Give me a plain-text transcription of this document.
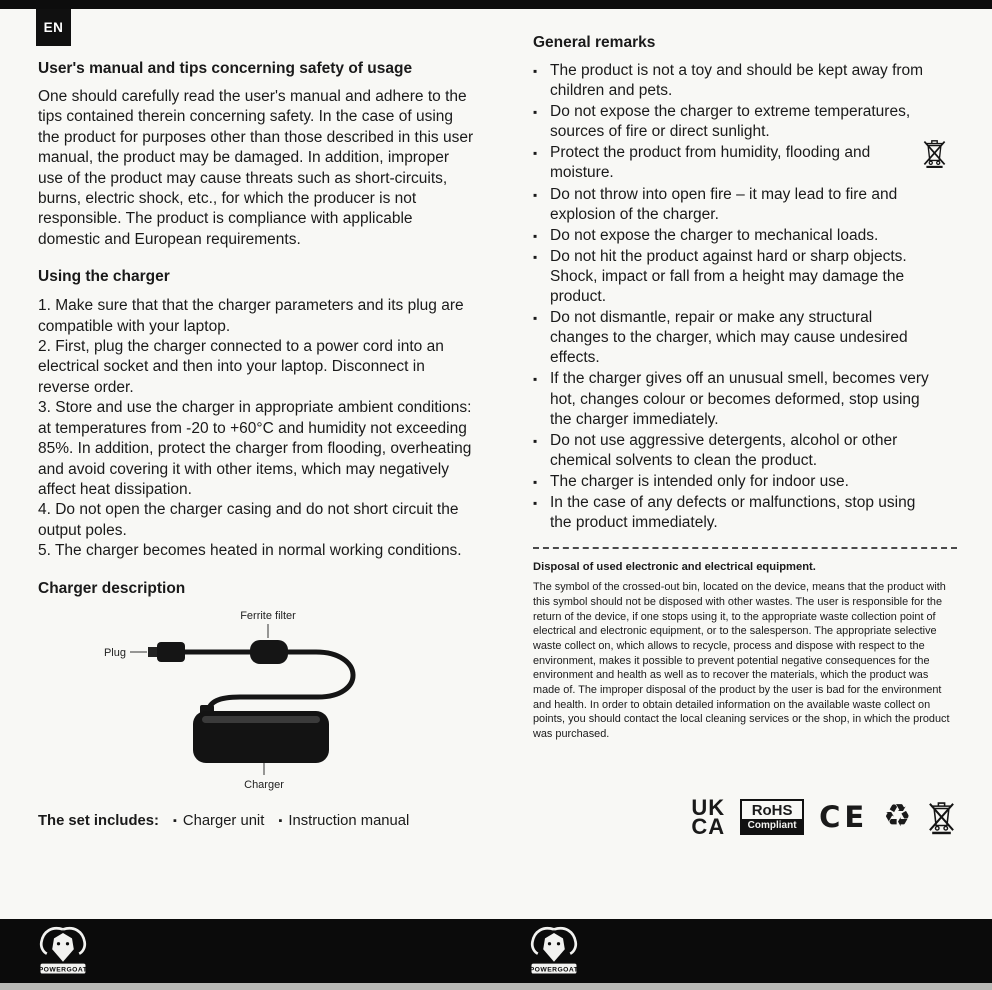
EN
User's manual and tips concerning safety of usage

One should carefully read the user's manual and adhere to the tips contained therein concerning safety. In the case of using the product for purposes other than those described in this user manual, the product may be damaged. In addition, improper use of the product may cause threats such as short-circuits, burns, electric shock, etc., for which the producer is not responsible. The product is compliance with applicable domestic and European requirements.

Using the charger

1. Make sure that that the charger parameters and its plug are compatible with your laptop.

2. First, plug the charger connected to a power cord into an electrical socket and then into your laptop. Disconnect in reverse order.

3. Store and use the charger in appropriate ambient conditions: at temperatures from -20 to +60°C and humidity not exceeding 85%. In addition, protect the charger from flooding, overheating and avoid covering it with other items, which may negatively affect heat dissipation.

4. Do not open the charger casing and do not short circuit the output poles.

5. The charger becomes heated in normal working conditions.

Charger description
Ferrite filter
Plug
Charger

The set includes: ▪ Charger unit ▪ Instruction manual

General remarks
▪
The product is not a toy and should be kept away from children and pets.
▪
Do not expose the charger to extreme temperatures, sources of fire or direct sunlight.
▪
Protect the product from humidity, flooding and moisture.
▪
Do not throw into open fire – it may lead to fire and explosion of the charger.
▪
Do not expose the charger to mechanical loads.
▪
Do not hit the product against hard or sharp objects. Shock, impact or fall from a height may damage the product.
▪
Do not dismantle, repair or make any structural changes to the charger, which may cause undesired effects.
▪
If the charger gives off an unusual smell, becomes very hot, changes colour or becomes deformed, stop using the charger immediately.
▪
Do not use aggressive detergents, alcohol or other chemical solvents to clean the product.
▪
The charger is intended only for indoor use.
▪
In the case of any defects or malfunctions, stop using the product immediately.
Disposal of used electronic and electrical equipment.

The symbol of the crossed-out bin, located on the device, means that the product with this symbol should not be disposed with other wastes. The user is responsible for the return of the device, if one stops using it, to the appropriate waste collection point of electrical and electronic equipment, or to the salesperson. The appropriate selective waste collect on, which allows to recycle, process and dispose with respect to the environment, makes it possible to prevent potential negative consequences for the environment and health as well as to recover the materials, which the product was made of. The improper disposal of the product by the user is bad for the environment and health. In order to obtain detailed information on the available waste collect on points, you should contact the local cleaning services or the shop, in which the product was purchased.

UK
CA
RoHS
Compliant CE ♻
POWERGOAT	POWERGOAT
